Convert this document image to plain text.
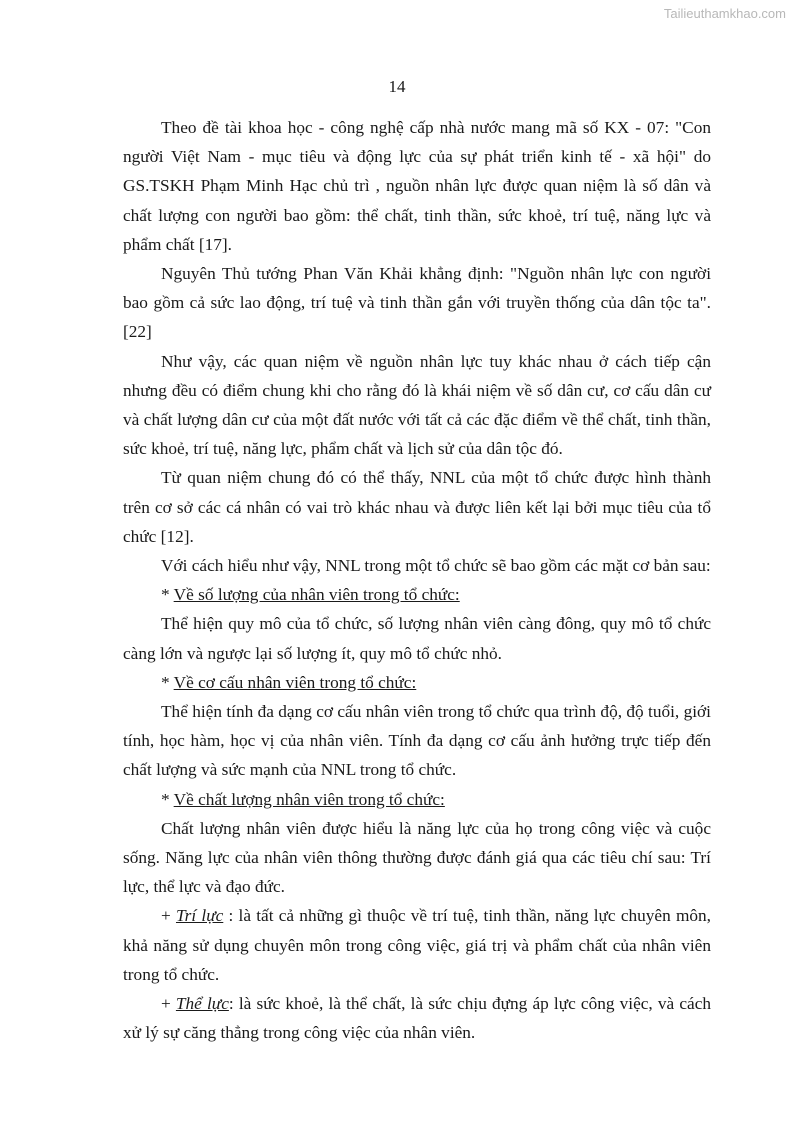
Tailieuthamkhao.com
14

Theo đề tài khoa học - công nghệ cấp nhà nước mang mã số KX - 07: "Con người Việt Nam - mục tiêu và động lực của sự phát triển kinh tế - xã hội" do GS.TSKH Phạm Minh Hạc chủ trì , nguồn nhân lực được quan niệm là số dân và chất lượng con người bao gồm: thể chất, tinh thần, sức khoẻ, trí tuệ, năng lực và phẩm chất [17].

Nguyên Thủ tướng Phan Văn Khải khẳng định: "Nguồn nhân lực con người bao gồm cả sức lao động, trí tuệ và tinh thần gắn với truyền thống của dân tộc ta". [22]

Như vậy, các quan niệm về nguồn nhân lực tuy khác nhau ở cách tiếp cận nhưng đều có điểm chung khi cho rằng đó là khái niệm về số dân cư, cơ cấu dân cư và chất lượng dân cư của một đất nước với tất cả các đặc điểm về thể chất, tinh thần, sức khoẻ, trí tuệ, năng lực, phẩm chất và lịch sử của dân tộc đó.

Từ quan niệm chung đó có thể thấy, NNL của một tổ chức được hình thành trên cơ sở các cá nhân có vai trò khác nhau và được liên kết lại bởi mục tiêu của tổ chức [12].

Với cách hiểu như vậy, NNL trong một tổ chức sẽ bao gồm các mặt cơ bản sau:

* Về số lượng của nhân viên trong tổ chức:

Thể hiện quy mô của tổ chức, số lượng nhân viên càng đông, quy mô tổ chức càng lớn và ngược lại số lượng ít, quy mô tổ chức nhỏ.

* Về cơ cấu nhân viên trong tổ chức:

Thể hiện tính đa dạng cơ cấu nhân viên trong tổ chức qua trình độ, độ tuổi, giới tính, học hàm, học vị của nhân viên. Tính đa dạng cơ cấu ảnh hưởng trực tiếp đến chất lượng và sức mạnh của NNL trong tổ chức.

* Về chất lượng nhân viên trong tổ chức:

Chất lượng nhân viên được hiểu là năng lực của họ trong công việc và cuộc sống. Năng lực của nhân viên thông thường được đánh giá qua các tiêu chí sau: Trí lực, thể lực và đạo đức.

+ Trí lực : là tất cả những gì thuộc về trí tuệ, tinh thần, năng lực chuyên môn, khả năng sử dụng chuyên môn trong công việc, giá trị và phẩm chất của nhân viên trong tổ chức.

+ Thể lực: là sức khoẻ, là thể chất, là sức chịu đựng áp lực công việc, và cách xử lý sự căng thẳng trong công việc của nhân viên.
